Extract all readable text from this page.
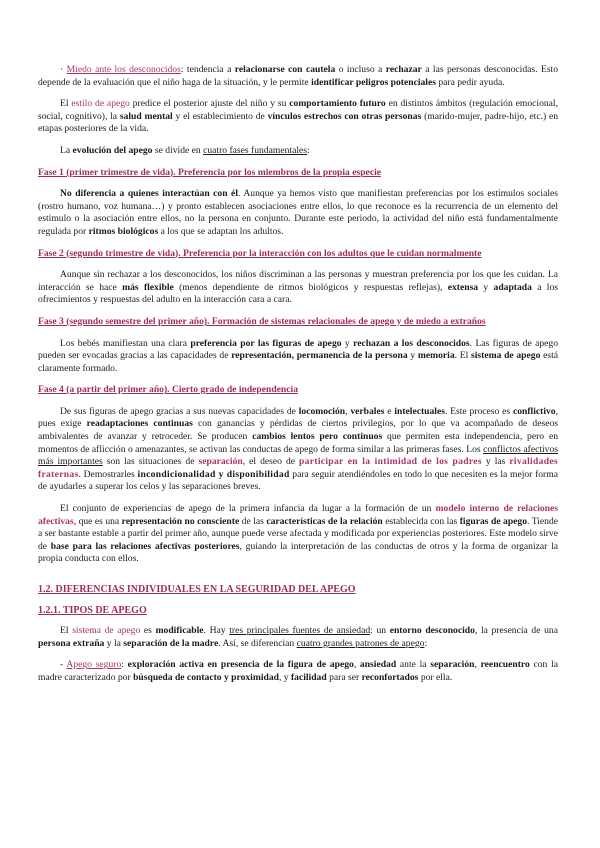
· Miedo ante los desconocidos: tendencia a relacionarse con cautela o incluso a rechazar a las personas desconocidas. Esto depende de la evaluación que el niño haga de la situación, y le permite identificar peligros potenciales para pedir ayuda.

El estilo de apego predice el posterior ajuste del niño y su comportamiento futuro en distintos ámbitos (regulación emocional, social, cognitivo), la salud mental y el establecimiento de vínculos estrechos con otras personas (marido-mujer, padre-hijo, etc.) en etapas posteriores de la vida.

La evolución del apego se divide en cuatro fases fundamentales:

Fase 1 (primer trimestre de vida). Preferencia por los miembros de la propia especie

No diferencia a quienes interactúan con él. Aunque ya hemos visto que manifiestan preferencias por los estímulos sociales (rostro humano, voz humana…) y pronto establecen asociaciones entre ellos, lo que reconoce es la recurrencia de un elemento del estímulo o la asociación entre ellos, no la persona en conjunto. Durante este periodo, la actividad del niño está fundamentalmente regulada por ritmos biológicos a los que se adaptan los adultos.

Fase 2 (segundo trimestre de vida). Preferencia por la interacción con los adultos que le cuidan normalmente

Aunque sin rechazar a los desconocidos, los niños discriminan a las personas y muestran preferencia por los que les cuidan. La interacción se hace más flexible (menos dependiente de ritmos biológicos y respuestas reflejas), extensa y adaptada a los ofrecimientos y respuestas del adulto en la interacción cara a cara.

Fase 3 (segundo semestre del primer año). Formación de sistemas relacionales de apego y de miedo a extraños

Los bebés manifiestan una clara preferencia por las figuras de apego y rechazan a los desconocidos. Las figuras de apego pueden ser evocadas gracias a las capacidades de representación, permanencia de la persona y memoria. El sistema de apego está claramente formado.

Fase 4 (a partir del primer año). Cierto grado de independencia

De sus figuras de apego gracias a sus nuevas capacidades de locomoción, verbales e intelectuales. Este proceso es conflictivo, pues exige readaptaciones continuas con ganancias y pérdidas de ciertos privilegios, por lo que va acompañado de deseos ambivalentes de avanzar y retroceder. Se producen cambios lentos pero continuos que permiten esta independencia, pero en momentos de aflicción o amenazantes, se activan las conductas de apego de forma similar a las primeras fases. Los conflictos afectivos más importantes son las situaciones de separación, el deseo de participar en la intimidad de los padres y las rivalidades fraternas. Demostrarles incondicionalidad y disponibilidad para seguir atendiéndoles en todo lo que necesiten es la mejor forma de ayudarles a superar los celos y las separaciones breves.

El conjunto de experiencias de apego de la primera infancia da lugar a la formación de un modelo interno de relaciones afectivas, que es una representación no consciente de las características de la relación establecida con las figuras de apego. Tiende a ser bastante estable a partir del primer año, aunque puede verse afectada y modificada por experiencias posteriores. Este modelo sirve de base para las relaciones afectivas posteriores, guiando la interpretación de las conductas de otros y la forma de organizar la propia conducta con ellos.

1.2. DIFERENCIAS INDIVIDUALES EN LA SEGURIDAD DEL APEGO

1.2.1. TIPOS DE APEGO

El sistema de apego es modificable. Hay tres principales fuentes de ansiedad: un entorno desconocido, la presencia de una persona extraña y la separación de la madre. Así, se diferencian cuatro grandes patrones de apego:

- Apego seguro: exploración activa en presencia de la figura de apego, ansiedad ante la separación, reencuentro con la madre caracterizado por búsqueda de contacto y proximidad, y facilidad para ser reconfortados por ella.
